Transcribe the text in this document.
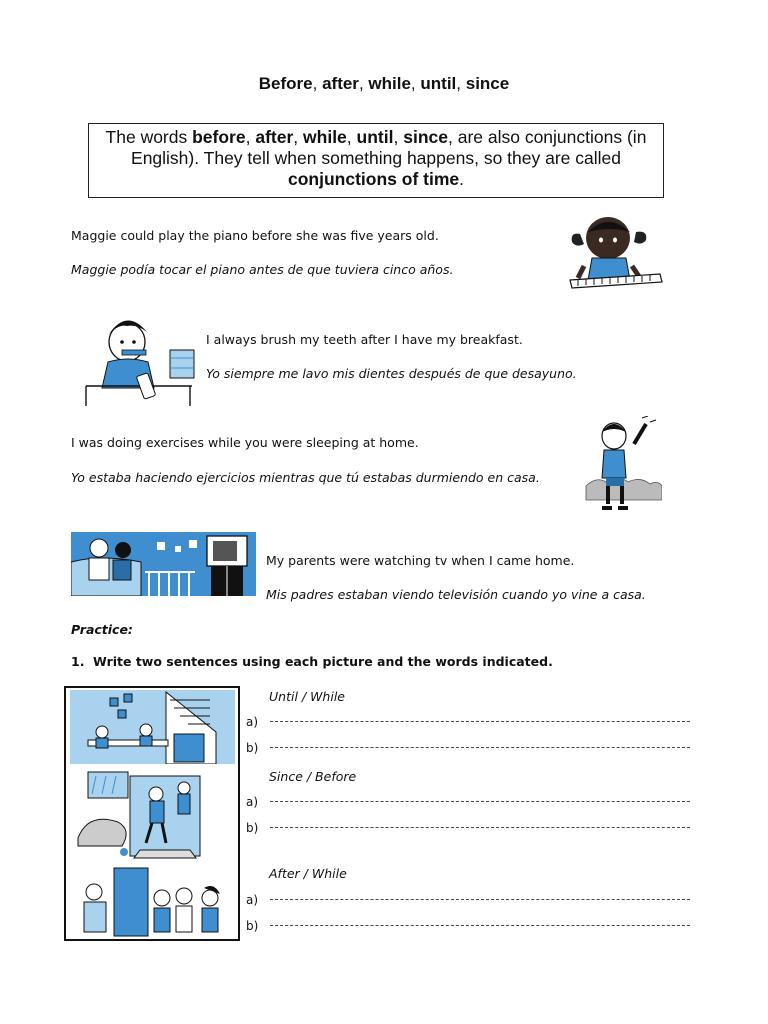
Before, after, while, until, since
The words before, after, while, until, since, are also conjunctions (in English). They tell when something happens, so they are called conjunctions of time.
Maggie could play the piano before she was five years old.
Maggie podía tocar el piano antes de que tuviera cinco años.
I always brush my teeth after I have my breakfast.
Yo siempre me lavo mis dientes después de que desayuno.
I was doing exercises while you were sleeping at home.
Yo estaba haciendo ejercicios mientras que tú estabas durmiendo en casa.
My parents were watching tv when I came home.
Mis padres estaban viendo televisión cuando yo vine a casa.
Practice:
1. Write two sentences using each picture and the words indicated.
Until / While
a)
b)
Since / Before
a)
b)
After / While
a)
b)
